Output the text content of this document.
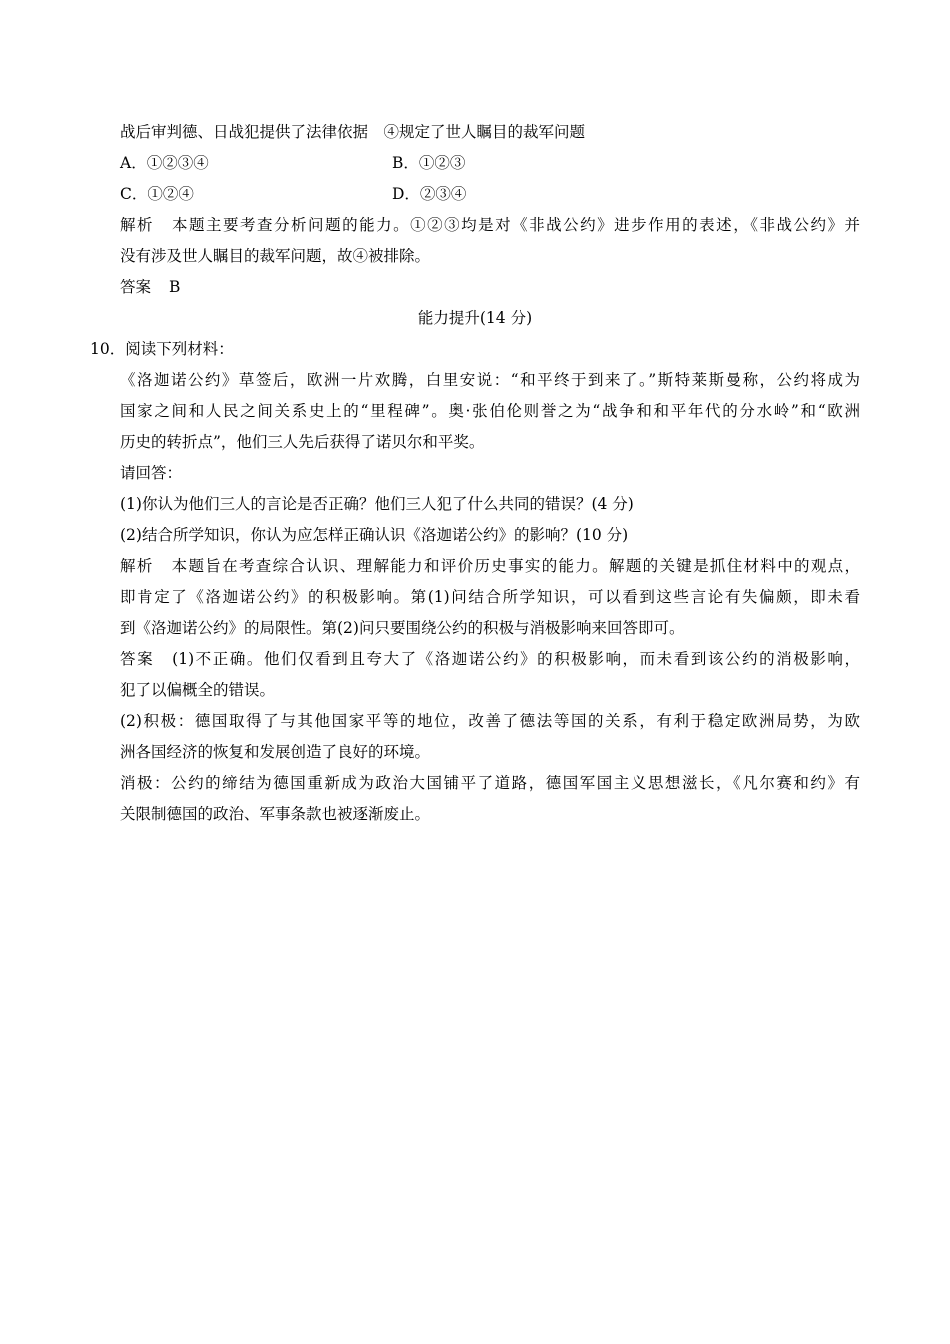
战后审判德、日战犯提供了法律依据　④规定了世人瞩目的裁军问题
A．①②③④	B．①②③
C．①②④	D．②③④
解析 本题主要考查分析问题的能力。①②③均是对《非战公约》进步作用的表述，《非战公约》并
没有涉及世人瞩目的裁军问题，故④被排除。
答案 B
能力提升(14 分)
10．阅读下列材料：
《洛迦诺公约》草签后，欧洲一片欢腾，白里安说：“和平终于到来了。”斯特莱斯曼称，公约将成为
国家之间和人民之间关系史上的“里程碑”。奥·张伯伦则誉之为“战争和和平年代的分水岭”和“欧洲
历史的转折点”，他们三人先后获得了诺贝尔和平奖。
请回答：
(1)你认为他们三人的言论是否正确？他们三人犯了什么共同的错误？(4 分)
(2)结合所学知识，你认为应怎样正确认识《洛迦诺公约》的影响？(10 分)
解析 本题旨在考查综合认识、理解能力和评价历史事实的能力。解题的关键是抓住材料中的观点，
即肯定了《洛迦诺公约》的积极影响。第(1)问结合所学知识，可以看到这些言论有失偏颇，即未看
到《洛迦诺公约》的局限性。第(2)问只要围绕公约的积极与消极影响来回答即可。
答案 (1)不正确。他们仅看到且夸大了《洛迦诺公约》的积极影响，而未看到该公约的消极影响，
犯了以偏概全的错误。
(2)积极：德国取得了与其他国家平等的地位，改善了德法等国的关系，有利于稳定欧洲局势，为欧
洲各国经济的恢复和发展创造了良好的环境。
消极：公约的缔结为德国重新成为政治大国铺平了道路，德国军国主义思想滋长，《凡尔赛和约》有
关限制德国的政治、军事条款也被逐渐废止。
